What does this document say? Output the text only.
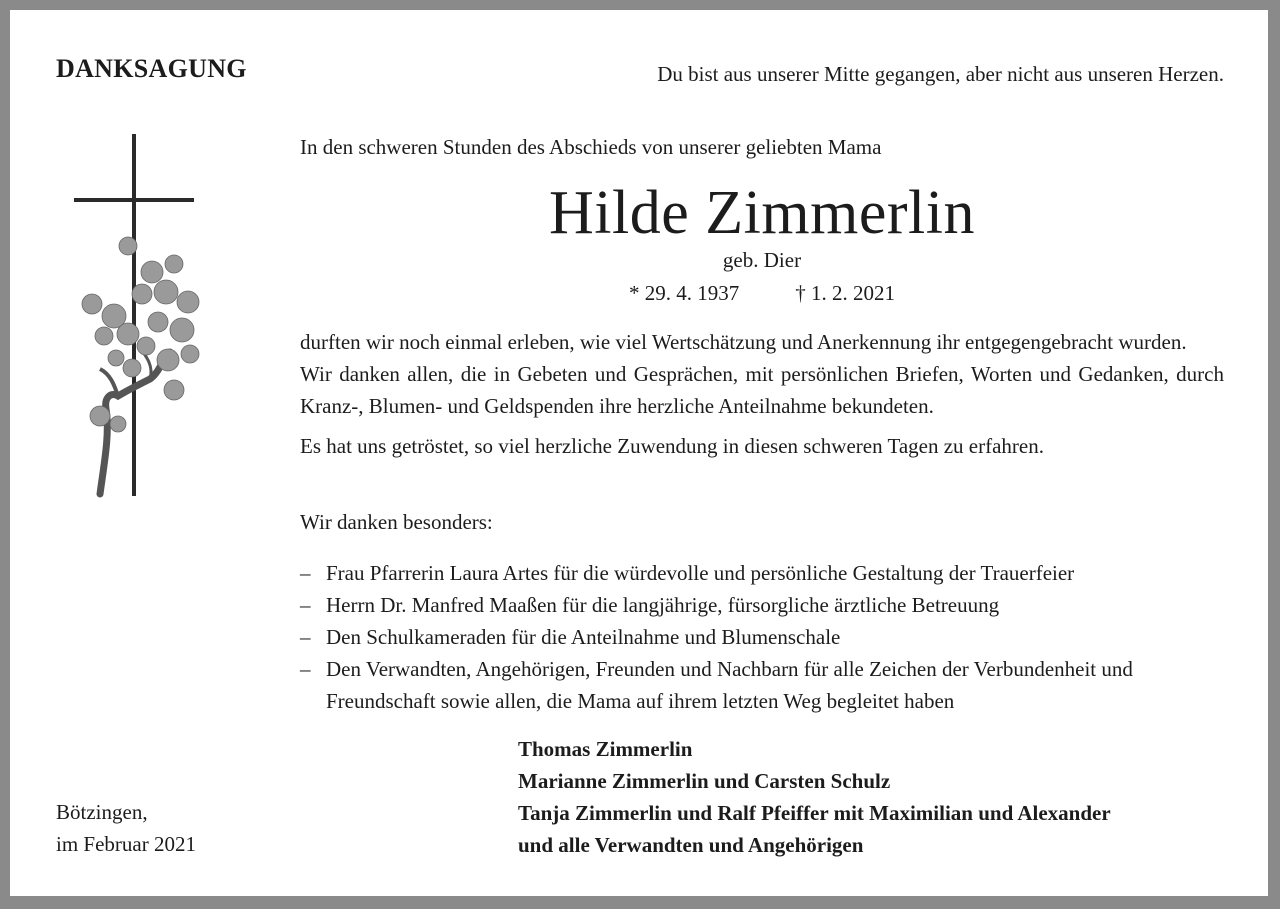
DANKSAGUNG	Du bist aus unserer Mitte gegangen, aber nicht aus unseren Herzen.
In den schweren Stunden des Abschieds von unserer geliebten Mama
Hilde Zimmerlin
geb. Dier
* 29. 4. 1937	† 1. 2. 2021

durften wir noch einmal erleben, wie viel Wertschätzung und Anerkennung ihr entgegengebracht wurden.

Wir danken allen, die in Gebeten und Gesprächen, mit persönlichen Briefen, Worten und Gedanken, durch Kranz-, Blumen- und Geldspenden ihre herzliche Anteilnahme bekundeten.

Es hat uns getröstet, so viel herzliche Zuwendung in diesen schweren Tagen zu erfahren.

Wir danken besonders:
– Frau Pfarrerin Laura Artes für die würdevolle und persönliche Gestaltung der Trauerfeier
– Herrn Dr. Manfred Maaßen für die langjährige, fürsorgliche ärztliche Betreuung
– Den Schulkameraden für die Anteilnahme und Blumenschale
– Den Verwandten, Angehörigen, Freunden und Nachbarn für alle Zeichen der Verbundenheit und Freundschaft sowie allen, die Mama auf ihrem letzten Weg begleitet haben
Thomas Zimmerlin
Marianne Zimmerlin und Carsten Schulz
Tanja Zimmerlin und Ralf Pfeiffer mit Maximilian und Alexander
und alle Verwandten und Angehörigen
Bötzingen,
im Februar 2021
